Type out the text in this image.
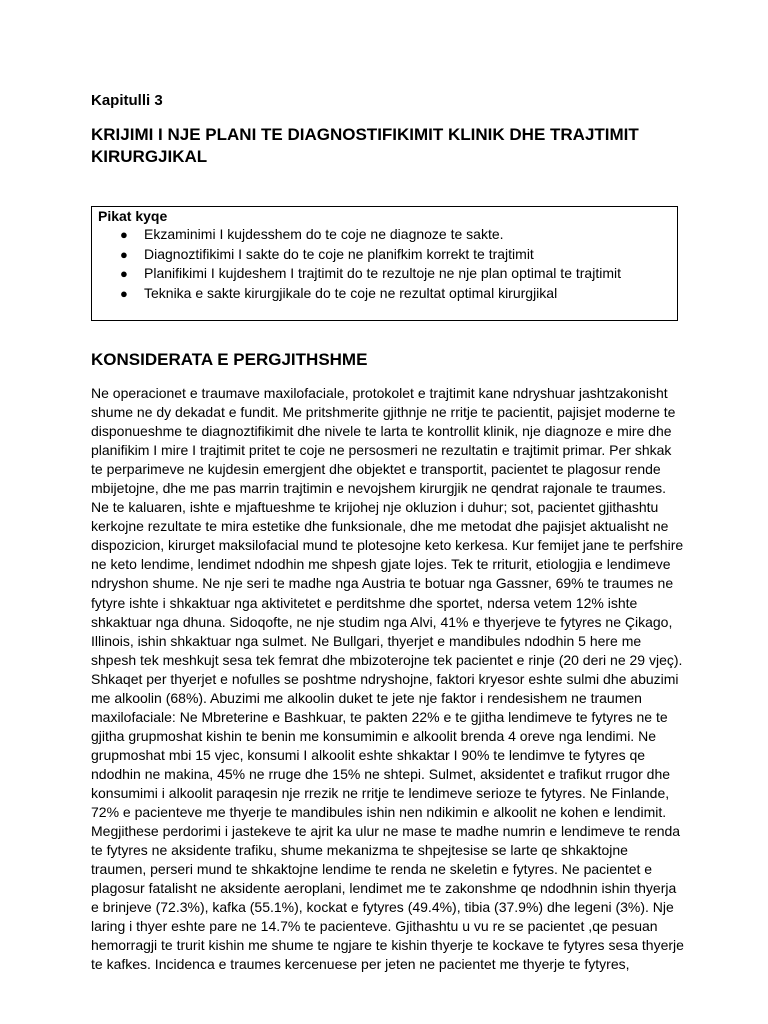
Kapitulli 3
KRIJIMI I NJE PLANI TE DIAGNOSTIFIKIMIT KLINIK DHE TRAJTIMIT KIRURGJIKAL
Pikat kyqe
● Ekzaminimi I kujdesshem do te coje ne diagnoze te sakte.
● Diagnoztifikimi I sakte do te coje ne planifkim korrekt te trajtimit
● Planifikimi I kujdeshem I trajtimit do te rezultoje ne nje plan optimal te trajtimit
● Teknika e sakte kirurgjikale do te coje ne rezultat optimal kirurgjikal
KONSIDERATA E PERGJITHSHME
Ne operacionet e traumave maxilofaciale, protokolet e trajtimit kane ndryshuar jashtzakonisht
shume ne dy dekadat e fundit. Me pritshmerite gjithnje ne rritje te pacientit, pajisjet moderne te
disponueshme te diagnoztifikimit dhe nivele te larta te kontrollit klinik, nje diagnoze e mire dhe
planifikim I mire I trajtimit pritet te coje ne persosmeri ne rezultatin e trajtimit primar. Per shkak
te perparimeve ne kujdesin emergjent dhe objektet e transportit, pacientet te plagosur rende
mbijetojne, dhe me pas marrin trajtimin e nevojshem kirurgjik ne qendrat rajonale te traumes.
Ne te kaluaren, ishte e mjaftueshme te krijohej nje okluzion i duhur; sot, pacientet gjithashtu
kerkojne rezultate te mira estetike dhe funksionale, dhe me metodat dhe pajisjet aktualisht ne
dispozicion, kirurget maksilofacial mund te plotesojne keto kerkesa. Kur femijet jane te perfshire
ne keto lendime, lendimet ndodhin me shpesh gjate lojes. Tek te rriturit, etiologjia e lendimeve
ndryshon shume. Ne nje seri te madhe nga Austria te botuar nga Gassner, 69% te traumes ne
fytyre ishte i shkaktuar nga aktivitetet e perditshme dhe sportet, ndersa vetem 12% ishte
shkaktuar nga dhuna. Sidoqofte, ne nje studim nga Alvi, 41% e thyerjeve te fytyres ne Çikago,
Illinois, ishin shkaktuar nga sulmet. Ne Bullgari, thyerjet e mandibules ndodhin 5 here me
shpesh tek meshkujt sesa tek femrat dhe mbizoterojne tek pacientet e rinje (20 deri ne 29 vjeç).
Shkaqet per thyerjet e nofulles se poshtme ndryshojne, faktori kryesor eshte sulmi dhe abuzimi
me alkoolin (68%). Abuzimi me alkoolin duket te jete nje faktor i rendesishem ne traumen
maxilofaciale: Ne Mbreterine e Bashkuar, te pakten 22% e te gjitha lendimeve te fytyres ne te
gjitha grupmoshat kishin te benin me konsumimin e alkoolit brenda 4 oreve nga lendimi. Ne
grupmoshat mbi 15 vjec, konsumi I alkoolit eshte shkaktar I 90% te lendimve te fytyres qe
ndodhin ne makina, 45% ne rruge dhe 15% ne shtepi. Sulmet, aksidentet e trafikut rrugor dhe
konsumimi i alkoolit paraqesin nje rrezik ne rritje te lendimeve serioze te fytyres. Ne Finlande,
72% e pacienteve me thyerje te mandibules ishin nen ndikimin e alkoolit ne kohen e lendimit.
Megjithese perdorimi i jastekeve te ajrit ka ulur ne mase te madhe numrin e lendimeve te renda
te fytyres ne aksidente trafiku, shume mekanizma te shpejtesise se larte qe shkaktojne
traumen, perseri mund te shkaktojne lendime te renda ne skeletin e fytyres. Ne pacientet e
plagosur fatalisht ne aksidente aeroplani, lendimet me te zakonshme qe ndodhnin ishin thyerja
e brinjeve (72.3%), kafka (55.1%), kockat e fytyres (49.4%), tibia (37.9%) dhe legeni (3%). Nje
laring i thyer eshte pare ne 14.7% te pacienteve. Gjithashtu u vu re se pacientet ,qe pesuan
hemorragji te trurit kishin me shume te ngjare te kishin thyerje te kockave te fytyres sesa thyerje
te kafkes. Incidenca e traumes kercenuese per jeten ne pacientet me thyerje te fytyres,
